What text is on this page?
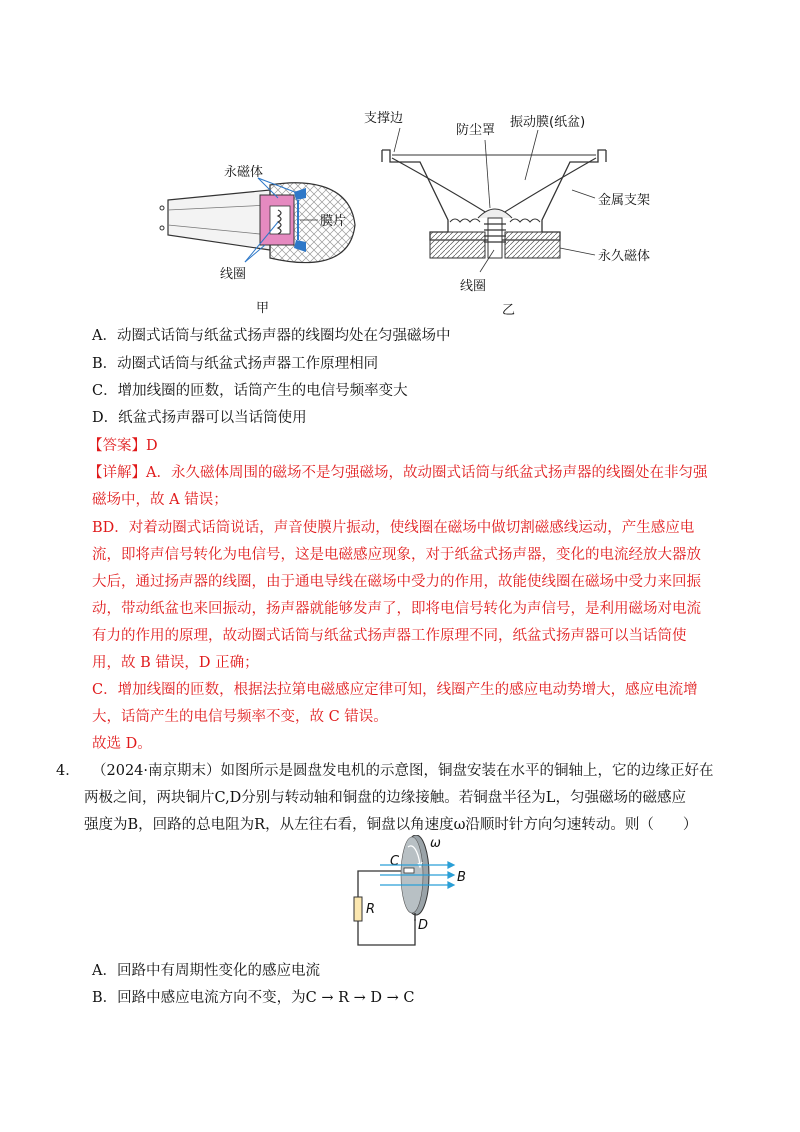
永磁体
膜片
线圈
甲
支撑边
防尘罩
振动膜(纸盆)
金属支架
永久磁体
线圈
乙
A．动圈式话筒与纸盆式扬声器的线圈均处在匀强磁场中
B．动圈式话筒与纸盆式扬声器工作原理相同
C．增加线圈的匝数，话筒产生的电信号频率变大
D．纸盆式扬声器可以当话筒使用
【答案】D
【详解】A．永久磁体周围的磁场不是匀强磁场，故动圈式话筒与纸盆式扬声器的线圈处在非匀强
磁场中，故 A 错误；
BD．对着动圈式话筒说话，声音使膜片振动，使线圈在磁场中做切割磁感线运动，产生感应电
流，即将声信号转化为电信号，这是电磁感应现象，对于纸盆式扬声器，变化的电流经放大器放
大后，通过扬声器的线圈，由于通电导线在磁场中受力的作用，故能使线圈在磁场中受力来回振
动，带动纸盆也来回振动，扬声器就能够发声了，即将电信号转化为声信号，是利用磁场对电流
有力的作用的原理，故动圈式话筒与纸盆式扬声器工作原理不同，纸盆式扬声器可以当话筒使
用，故 B 错误，D 正确；
C．增加线圈的匝数，根据法拉第电磁感应定律可知，线圈产生的感应电动势增大，感应电流增
大，话筒产生的电信号频率不变，故 C 错误。
故选 D。
4． （2024·南京期末）如图所示是圆盘发电机的示意图，铜盘安装在水平的铜轴上，它的边缘正好在
两极之间，两块铜片C,D分别与转动轴和铜盘的边缘接触。若铜盘半径为L，匀强磁场的磁感应
强度为B，回路的总电阻为R，从左往右看，铜盘以角速度ω沿顺时针方向匀速转动。则（　　）
R
ω
C
D
B
A．回路中有周期性变化的感应电流
B．回路中感应电流方向不变，为C → R → D → C
